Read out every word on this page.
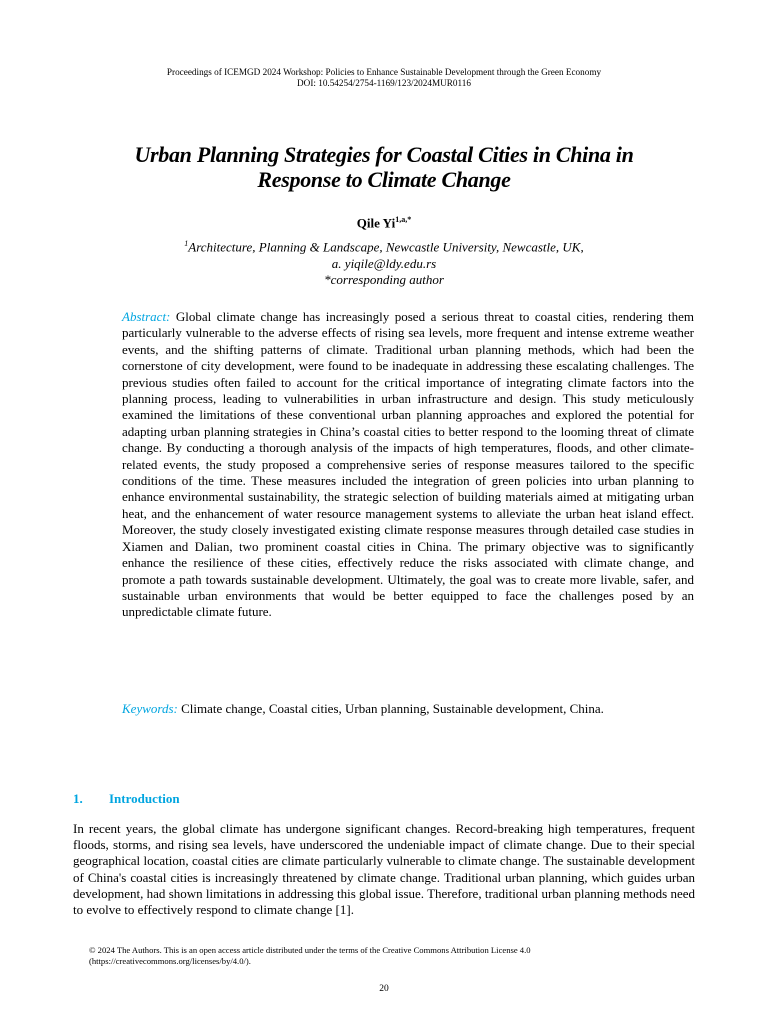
Proceedings of ICEMGD 2024 Workshop: Policies to Enhance Sustainable Development through the Green Economy
DOI: 10.54254/2754-1169/123/2024MUR0116
Urban Planning Strategies for Coastal Cities in China in
Response to Climate Change
Qile $Yi^{1,a,*}$
$^1$Architecture, Planning & Landscape, Newcastle University, Newcastle, UK,
a. yiqile@ldy.edu.rs
*corresponding author

Abstract: Global climate change has increasingly posed a serious threat to coastal cities, rendering them particularly vulnerable to the adverse effects of rising sea levels, more frequent and intense extreme weather events, and the shifting patterns of climate. Traditional urban planning methods, which had been the cornerstone of city development, were found to be inadequate in addressing these escalating challenges. The previous studies often failed to account for the critical importance of integrating climate factors into the planning process, leading to vulnerabilities in urban infrastructure and design. This study meticulously examined the limitations of these conventional urban planning approaches and explored the potential for adapting urban planning strategies in China’s coastal cities to better respond to the looming threat of climate change. By conducting a thorough analysis of the impacts of high temperatures, floods, and other climate-related events, the study proposed a comprehensive series of response measures tailored to the specific conditions of the time. These measures included the integration of green policies into urban planning to enhance environmental sustainability, the strategic selection of building materials aimed at mitigating urban heat, and the enhancement of water resource management systems to alleviate the urban heat island effect. Moreover, the study closely investigated existing climate response measures through detailed case studies in Xiamen and Dalian, two prominent coastal cities in China. The primary objective was to significantly enhance the resilience of these cities, effectively reduce the risks associated with climate change, and promote a path towards sustainable development. Ultimately, the goal was to create more livable, safer, and sustainable urban environments that would be better equipped to face the challenges posed by an unpredictable climate future.

Keywords: Climate change, Coastal cities, Urban planning, Sustainable development, China.

1. Introduction

In recent years, the global climate has undergone significant changes. Record-breaking high temperatures, frequent floods, storms, and rising sea levels, have underscored the undeniable impact of climate change. Due to their special geographical location, coastal cities are climate particularly vulnerable to climate change. The sustainable development of China's coastal cities is increasingly threatened by climate change. Traditional urban planning, which guides urban development, had shown limitations in addressing this global issue. Therefore, traditional urban planning methods need to evolve to effectively respond to climate change [1].

© 2024 The Authors. This is an open access article distributed under the terms of the Creative Commons Attribution License 4.0
(https://creativecommons.org/licenses/by/4.0/).
20
